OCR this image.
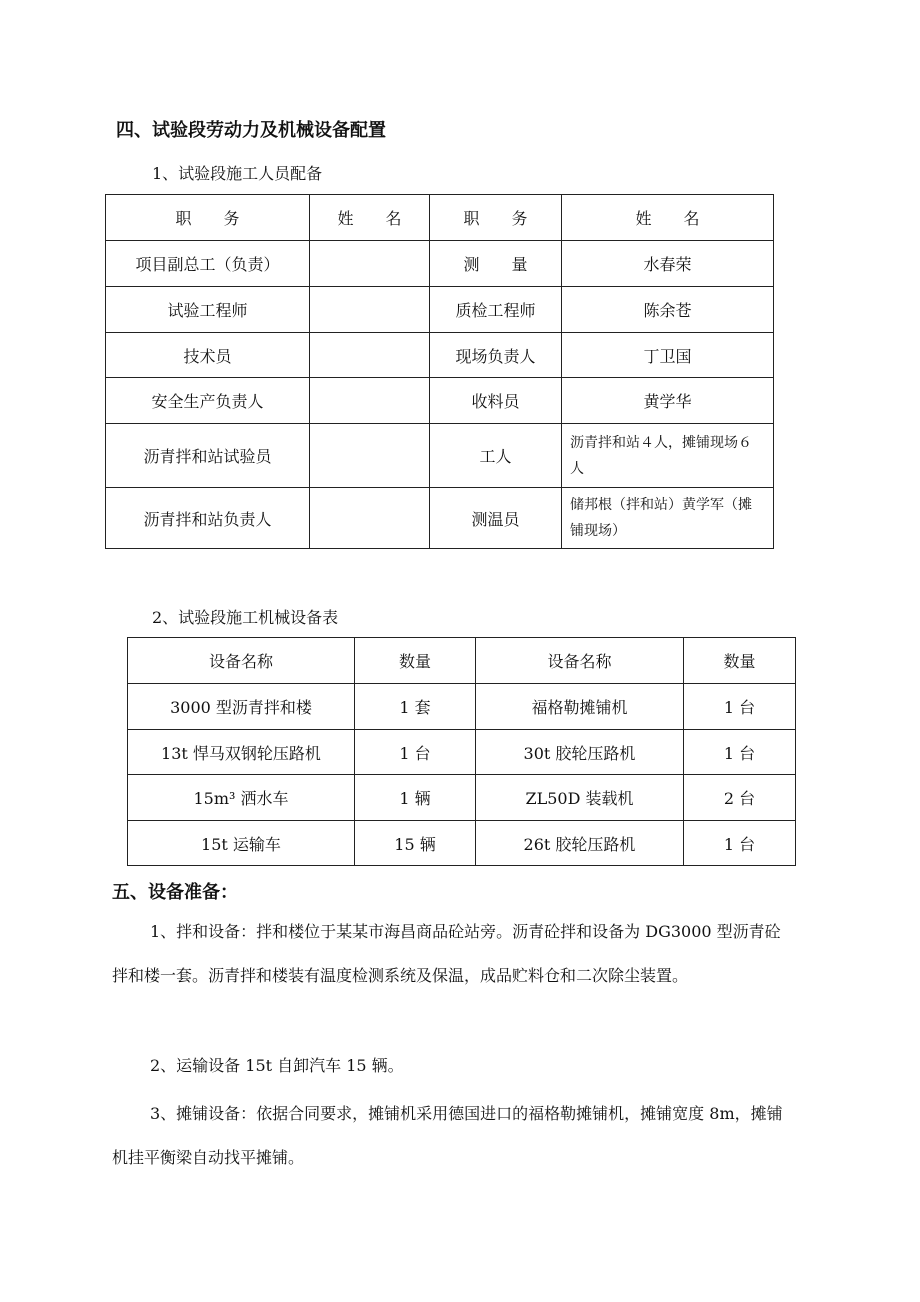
四、试验段劳动力及机械设备配置
1、试验段施工人员配备
职　　务	姓　　名	职　　务	姓　　名
项目副总工（负责）		测　　量	水春荣
试验工程师		质检工程师	陈余苍
技术员		现场负责人	丁卫国
安全生产负责人		收料员	黄学华
沥青拌和站试验员		工人	沥青拌和站４人，摊铺现场６人
沥青拌和站负责人		测温员	储邦根（拌和站）黄学军（摊铺现场）
2、试验段施工机械设备表
设备名称	数量	设备名称	数量
3000 型沥青拌和楼	1 套	福格勒摊铺机	1 台
13t 悍马双钢轮压路机	1 台	30t 胶轮压路机	1 台
15m³ 洒水车	1 辆	ZL50D 装载机	2 台
15t 运输车	15 辆	26t 胶轮压路机	1 台
五、设备准备：
1、拌和设备：拌和楼位于某某市海昌商品砼站旁。沥青砼拌和设备为 DG3000 型沥青砼拌和楼一套。沥青拌和楼装有温度检测系统及保温，成品贮料仓和二次除尘装置。
2、运输设备 15t 自卸汽车 15 辆。
3、摊铺设备：依据合同要求，摊铺机采用德国进口的福格勒摊铺机，摊铺宽度 8m，摊铺机挂平衡梁自动找平摊铺。
